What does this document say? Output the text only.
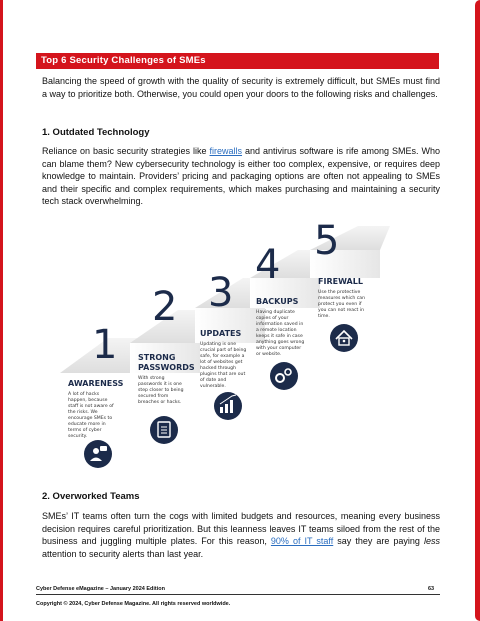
Top 6 Security Challenges of SMEs

Balancing the speed of growth with the quality of security is extremely difficult, but SMEs must find a way to prioritize both. Otherwise, you could open your doors to the following risks and challenges.

1. Outdated Technology

Reliance on basic security strategies like firewalls and antivirus software is rife among SMEs. Who can blame them? New cybersecurity technology is either too complex, expensive, or requires deep knowledge to maintain. Providers’ pricing and packaging options are often not appealing to SMEs and their specific and complex requirements, which makes purchasing and maintaining a security tech stack overwhelming.

1
2 3
4
5
AWARENESS
A lot of hacks
happen, because
staff is not aware of
the risks. We
encourage SMEs to
educate more in
terms of cyber
security.
STRONG
PASSWORDS
With strong
passwords it is one
step closer to being
secured from
breaches or hacks.
UPDATES
Updating is one
crucial part of being
safe, for example a
lot of websites get
hacked through
plugins that are out
of date and
vulnerable.
BACKUPS
Having duplicate
copies of your
information saved in
a remote location
keeps it safe in case
anything goes wrong
with your computer
or website.
FIREWALL
Use the protective
measures which can
protect you even if
you can not react in
time.

2. Overworked Teams

SMEs’ IT teams often turn the cogs with limited budgets and resources, meaning every business decision requires careful prioritization. But this leanness leaves IT teams siloed from the rest of the business and juggling multiple plates. For this reason, 90% of IT staff say they are paying less attention to security alerts than last year.

Cyber Defense eMagazine – January 2024 Edition	63
Copyright © 2024, Cyber Defense Magazine. All rights reserved worldwide.
